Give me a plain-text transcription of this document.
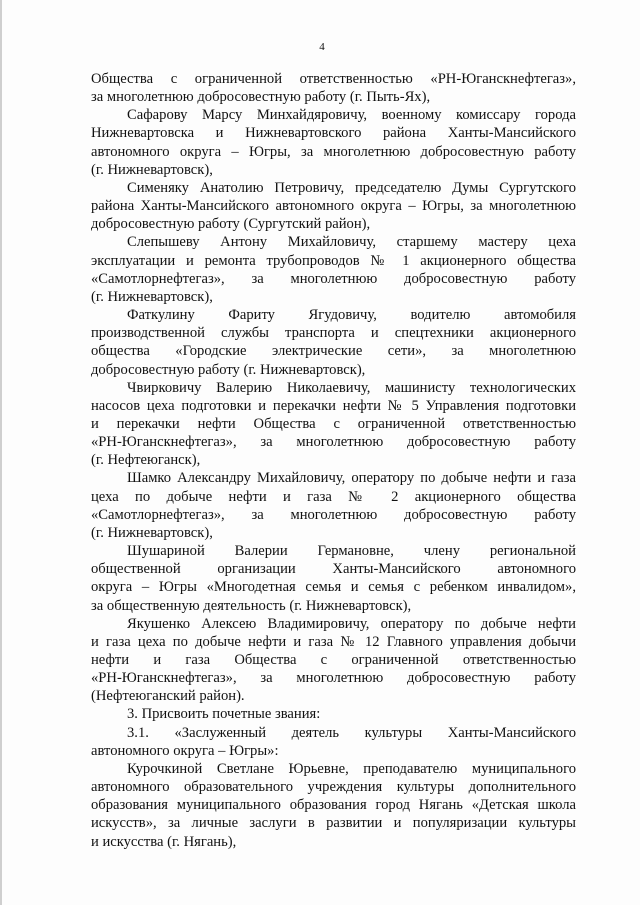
4

Общества с ограниченной ответственностью «РН-Юганскнефтегаз»,

за многолетнюю добросовестную работу (г. Пыть-Ях),

Сафарову Марсу Минхайдяровичу, военному комиссару города

Нижневартовска и Нижневартовского района Ханты-Мансийского

автономного округа – Югры, за многолетнюю добросовестную работу

(г. Нижневартовск),

Сименяку Анатолию Петровичу, председателю Думы Сургутского

района Ханты-Мансийского автономного округа – Югры, за многолетнюю

добросовестную работу (Сургутский район),

Слепышеву Антону Михайловичу, старшему мастеру цеха

эксплуатации и ремонта трубопроводов № 1 акционерного общества

«Самотлорнефтегаз», за многолетнюю добросовестную работу

(г. Нижневартовск),

Фаткулину Фариту Ягудовичу, водителю автомобиля

производственной службы транспорта и спецтехники акционерного

общества «Городские электрические сети», за многолетнюю

добросовестную работу (г. Нижневартовск),

Чвирковичу Валерию Николаевичу, машинисту технологических

насосов цеха подготовки и перекачки нефти № 5 Управления подготовки

и перекачки нефти Общества с ограниченной ответственностью

«РН-Юганскнефтегаз», за многолетнюю добросовестную работу

(г. Нефтеюганск),

Шамко Александру Михайловичу, оператору по добыче нефти и газа

цеха по добыче нефти и газа № 2 акционерного общества

«Самотлорнефтегаз», за многолетнюю добросовестную работу

(г. Нижневартовск),

Шушариной Валерии Германовне, члену региональной

общественной организации Ханты-Мансийского автономного

округа – Югры «Многодетная семья и семья с ребенком инвалидом»,

за общественную деятельность (г. Нижневартовск),

Якушенко Алексею Владимировичу, оператору по добыче нефти

и газа цеха по добыче нефти и газа № 12 Главного управления добычи

нефти и газа Общества с ограниченной ответственностью

«РН-Юганскнефтегаз», за многолетнюю добросовестную работу

(Нефтеюганский район).

3. Присвоить почетные звания:

3.1. «Заслуженный деятель культуры Ханты-Мансийского

автономного округа – Югры»:

Курочкиной Светлане Юрьевне, преподавателю муниципального

автономного образовательного учреждения культуры дополнительного

образования муниципального образования город Нягань «Детская школа

искусств», за личные заслуги в развитии и популяризации культуры

и искусства (г. Нягань),
